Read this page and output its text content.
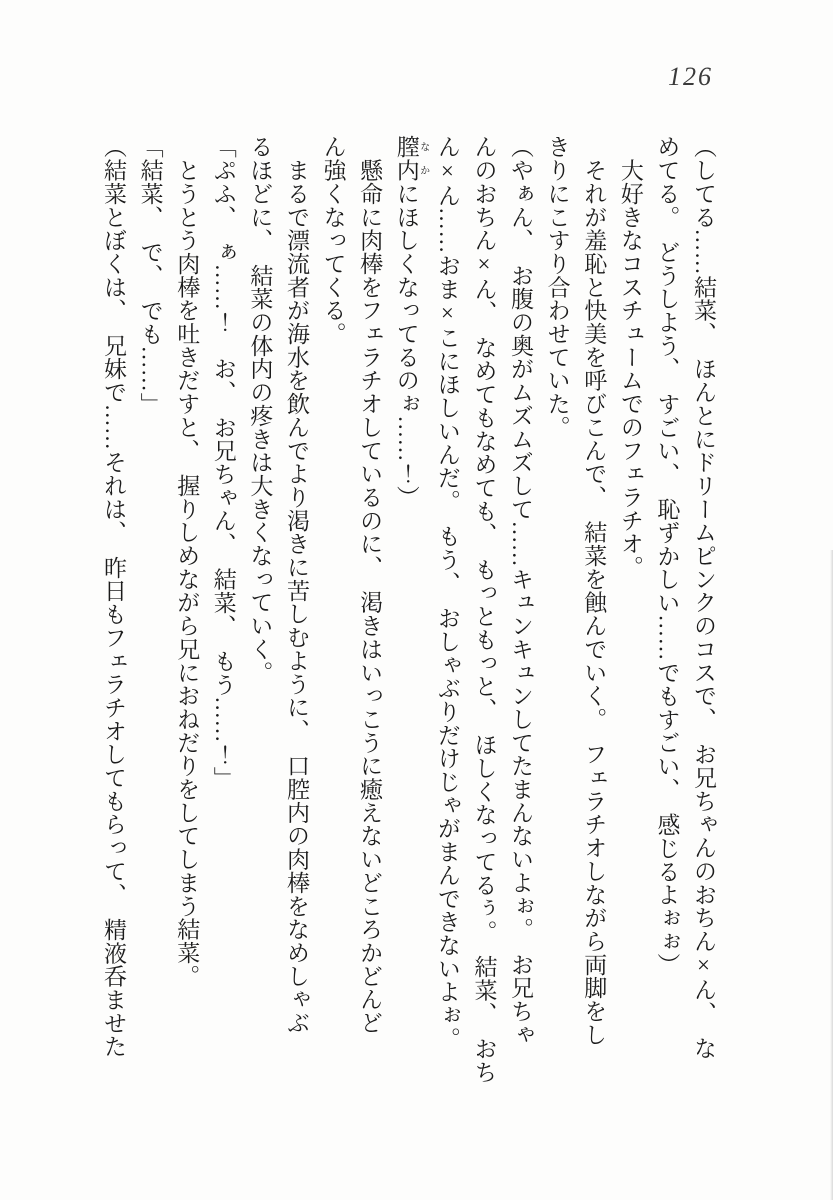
126

（してる……結菜、　ほんとにドリームピンクのコスで、　お兄ちゃんのおちん×ん、　な

めてる。　どうしよう、　すごい、　恥ずかしい……でもすごい、　感じるよぉぉ）

　大好きなコスチュームでのフェラチオ。

　それが羞恥と快美を呼びこんで、　結菜を蝕んでいく。　フェラチオしながら両脚をし

きりにこすり合わせていた。

（やぁん、　お腹の奥がムズムズして……キュンキュンしてたまんないよぉ。　お兄ちゃ

んのおちん×ん、　なめてもなめても、　もっともっと、　ほしくなってるぅ。　結菜、　おち

ん×ん……おま×こにほしいんだ。　もう、　おしゃぶりだけじゃがまんできないよぉ。

膣内 なかにほしくなってるのぉ……！）

　懸命に肉棒をフェラチオしているのに、　渇きはいっこうに癒えないどころかどんど

ん強くなってくる。

　まるで漂流者が海水を飲んでより渇きに苦しむように、　口腔内の肉棒をなめしゃぶ

るほどに、　結菜の体内の疼きは大きくなっていく。

「ぷふ、　ぁ……！　お、　お兄ちゃん、　結菜、　もう……！」

　とうとう肉棒を吐きだすと、　握りしめながら兄におねだりをしてしまう結菜。

「結菜、　で、　でも……」

（結菜とぼくは、　兄妹で……それは、　昨日もフェラチオしてもらって、　精液呑ませた
